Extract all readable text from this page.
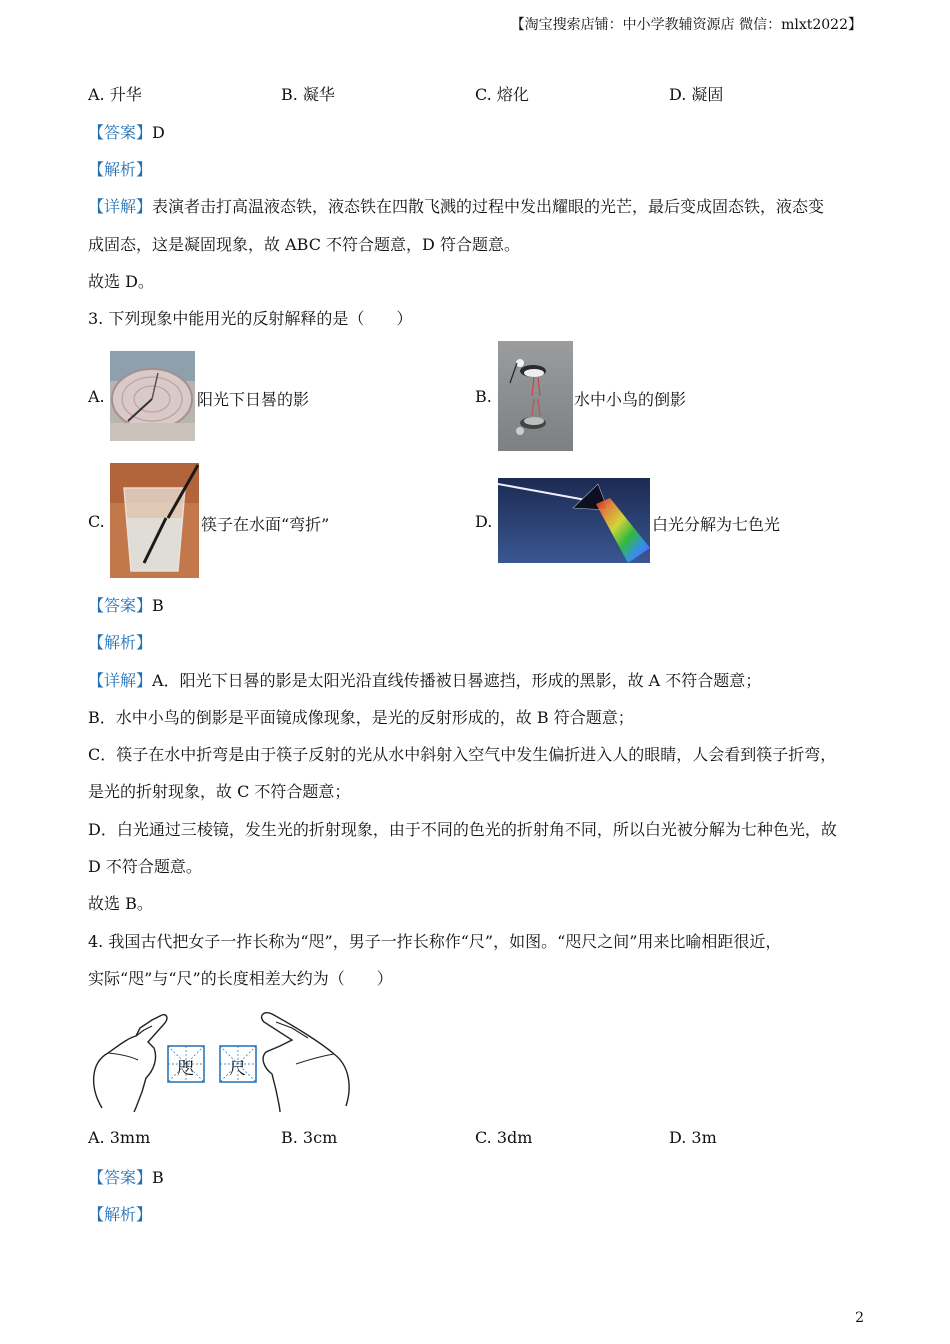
【淘宝搜索店铺：中小学教辅资源店 微信：mlxt2022】
A. 升华	B. 凝华	C. 熔化	D. 凝固
【答案】D
【解析】
【详解】表演者击打高温液态铁，液态铁在四散飞溅的过程中发出耀眼的光芒，最后变成固态铁，液态变
成固态，这是凝固现象，故 ABC 不符合题意，D 符合题意。
故选 D。
3. 下列现象中能用光的反射解释的是（　　）
A.	阳光下日晷的影	B.	水中小鸟的倒影
C.	筷子在水面“弯折”	D.	白光分解为七色光
【答案】B
【解析】
【详解】A．阳光下日晷的影是太阳光沿直线传播被日晷遮挡，形成的黑影，故 A 不符合题意；
B．水中小鸟的倒影是平面镜成像现象，是光的反射形成的，故 B 符合题意；
C．筷子在水中折弯是由于筷子反射的光从水中斜射入空气中发生偏折进入人的眼睛，人会看到筷子折弯，
是光的折射现象，故 C 不符合题意；
D．白光通过三棱镜，发生光的折射现象，由于不同的色光的折射角不同，所以白光被分解为七种色光，故
D 不符合题意。
故选 B。
4. 我国古代把女子一拃长称为“咫”，男子一拃长称作“尺”，如图。“咫尺之间”用来比喻相距很近，
实际“咫”与“尺”的长度相差大约为（　　）
咫 尺
A. 3mm	B. 3cm	C. 3dm	D. 3m
【答案】B
【解析】
2
